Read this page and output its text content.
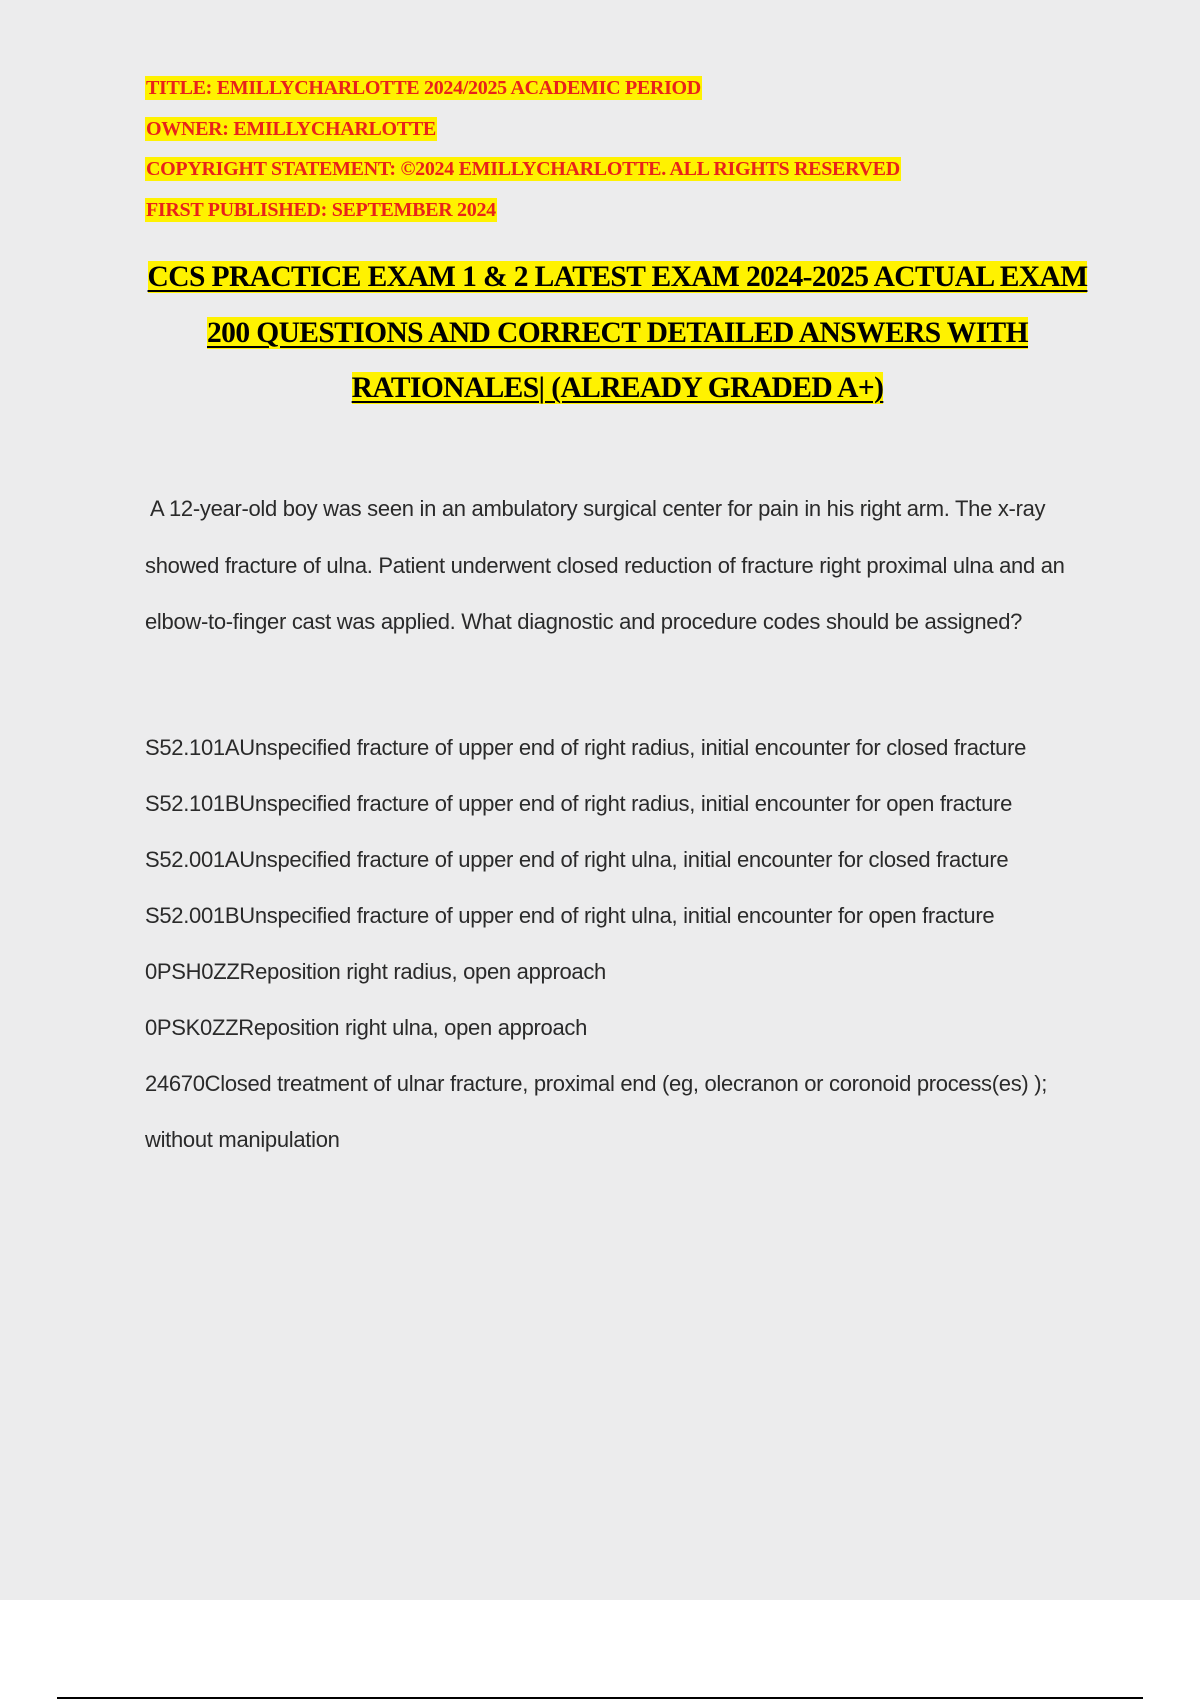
TITLE: EMILLYCHARLOTTE 2024/2025 ACADEMIC PERIOD
OWNER: EMILLYCHARLOTTE
COPYRIGHT STATEMENT: ©2024 EMILLYCHARLOTTE. ALL RIGHTS RESERVED
FIRST PUBLISHED: SEPTEMBER 2024
CCS PRACTICE EXAM 1 & 2 LATEST EXAM 2024-2025 ACTUAL EXAM 200 QUESTIONS AND CORRECT DETAILED ANSWERS WITH RATIONALES| (ALREADY GRADED A+)

A 12-year-old boy was seen in an ambulatory surgical center for pain in his right arm. The x-ray showed fracture of ulna. Patient underwent closed reduction of fracture right proximal ulna and an elbow-to-finger cast was applied. What diagnostic and procedure codes should be assigned?

S52.101AUnspecified fracture of upper end of right radius, initial encounter for closed fracture
S52.101BUnspecified fracture of upper end of right radius, initial encounter for open fracture
S52.001AUnspecified fracture of upper end of right ulna, initial encounter for closed fracture
S52.001BUnspecified fracture of upper end of right ulna, initial encounter for open fracture
0PSH0ZZReposition right radius, open approach
0PSK0ZZReposition right ulna, open approach
24670Closed treatment of ulnar fracture, proximal end (eg, olecranon or coronoid process(es) ); without manipulation
